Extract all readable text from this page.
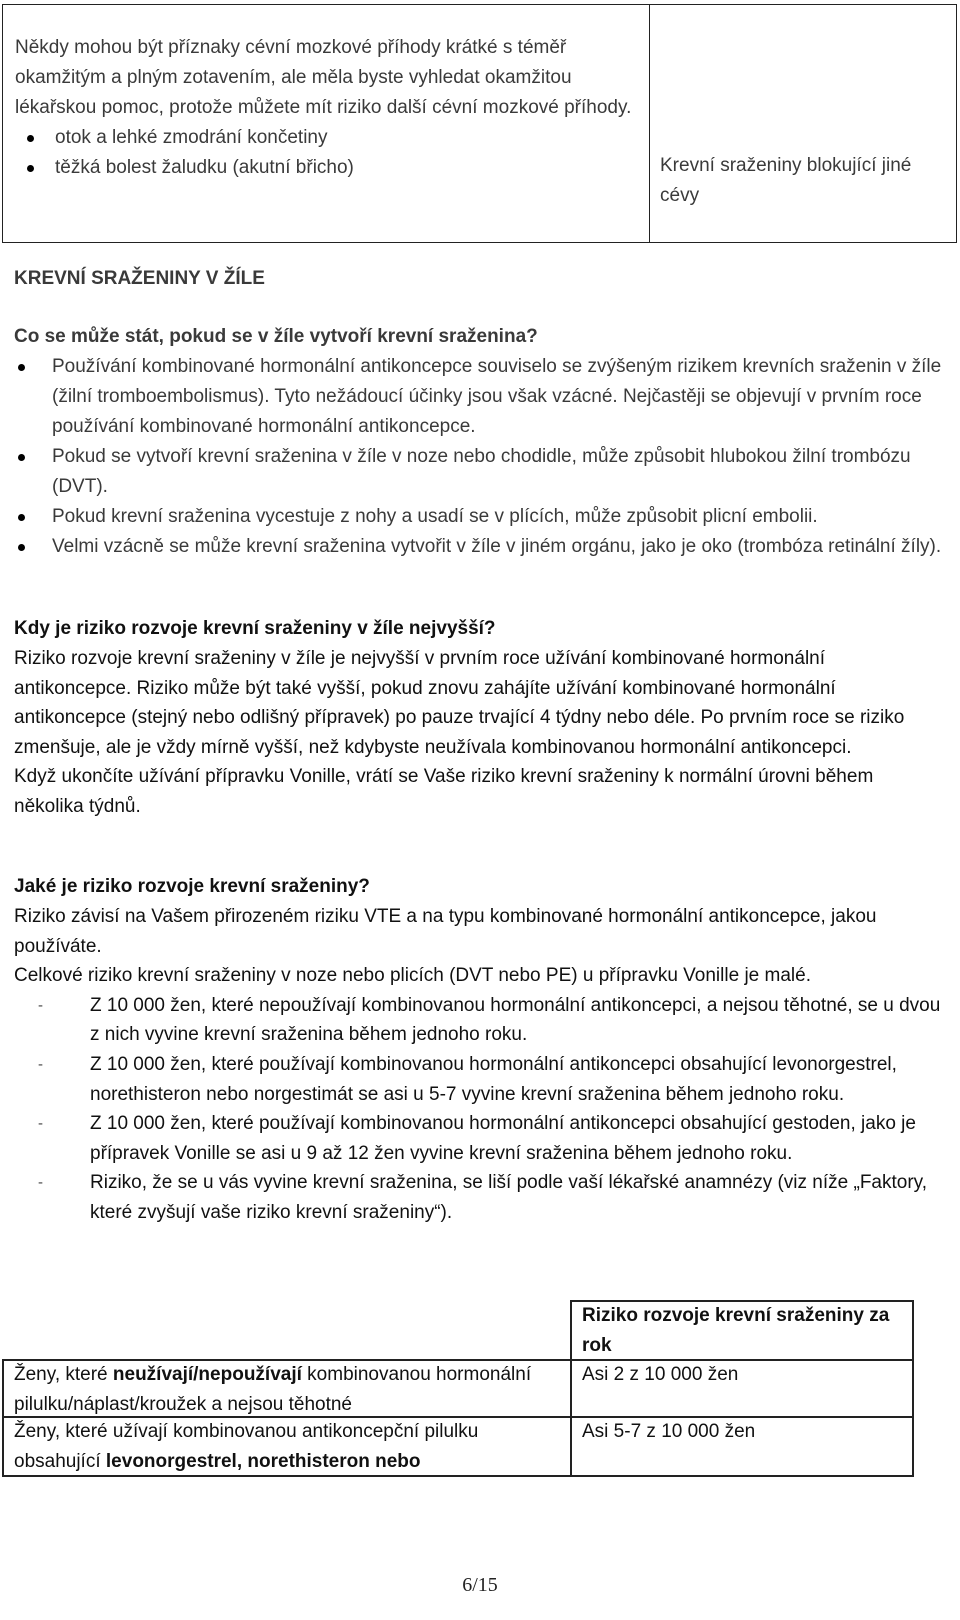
Někdy mohou být příznaky cévní mozkové příhody krátké s téměř okamžitým a plným zotavením, ale měla byste vyhledat okamžitou lékařskou pomoc, protože můžete mít riziko další cévní mozkové příhody.
otok a lehké zmodrání končetiny
těžká bolest žaludku (akutní břicho)	Krevní sraženiny blokující jiné cévy
KREVNÍ SRAŽENINY V ŽÍLE
Co se může stát, pokud se v žíle vytvoří krevní sraženina?
Používání kombinované hormonální antikoncepce souviselo se zvýšeným rizikem krevních sraženin v žíle (žilní tromboembolismus). Tyto nežádoucí účinky jsou však vzácné. Nejčastěji se objevují v prvním roce používání kombinované hormonální antikoncepce.
Pokud se vytvoří krevní sraženina v žíle v noze nebo chodidle, může způsobit hlubokou žilní trombózu (DVT).
Pokud krevní sraženina vycestuje z nohy a usadí se v plících, může způsobit plicní embolii.
Velmi vzácně se může krevní sraženina vytvořit v žíle v jiném orgánu, jako je oko (trombóza retinální žíly).
Kdy je riziko rozvoje krevní sraženiny v žíle nejvyšší?
Riziko rozvoje krevní sraženiny v žíle je nejvyšší v prvním roce užívání kombinované hormonální antikoncepce. Riziko může být také vyšší, pokud znovu zahájíte užívání kombinované hormonální antikoncepce (stejný nebo odlišný přípravek) po pauze trvající 4 týdny nebo déle. Po prvním roce se riziko zmenšuje, ale je vždy mírně vyšší, než kdybyste neužívala kombinovanou hormonální antikoncepci.
Když ukončíte užívání přípravku Vonille, vrátí se Vaše riziko krevní sraženiny k normální úrovni během několika týdnů.
Jaké je riziko rozvoje krevní sraženiny?
Riziko závisí na Vašem přirozeném riziku VTE a na typu kombinované hormonální antikoncepce, jakou používáte.
Celkové riziko krevní sraženiny v noze nebo plicích (DVT nebo PE) u přípravku Vonille je malé.
- Z 10 000 žen, které nepoužívají kombinovanou hormonální antikoncepci, a nejsou těhotné, se u dvou z nich vyvine krevní sraženina během jednoho roku.
- Z 10 000 žen, které používají kombinovanou hormonální antikoncepci obsahující levonorgestrel, norethisteron nebo norgestimát se asi u 5-7 vyvine krevní sraženina během jednoho roku.
- Z 10 000 žen, které používají kombinovanou hormonální antikoncepci obsahující gestoden, jako je přípravek Vonille se asi u 9 až 12 žen vyvine krevní sraženina během jednoho roku.
- Riziko, že se u vás vyvine krevní sraženina, se liší podle vaší lékařské anamnézy (viz níže „Faktory, které zvyšují vaše riziko krevní sraženiny“).
Riziko rozvoje krevní sraženiny za rok
Ženy, které neužívají/nepoužívají kombinovanou hormonální pilulku/náplast/kroužek a nejsou těhotné
Asi 2 z 10 000 žen
Ženy, které užívají kombinovanou antikoncepční pilulku obsahující levonorgestrel, norethisteron nebo
Asi 5-7 z 10 000 žen
6/15
